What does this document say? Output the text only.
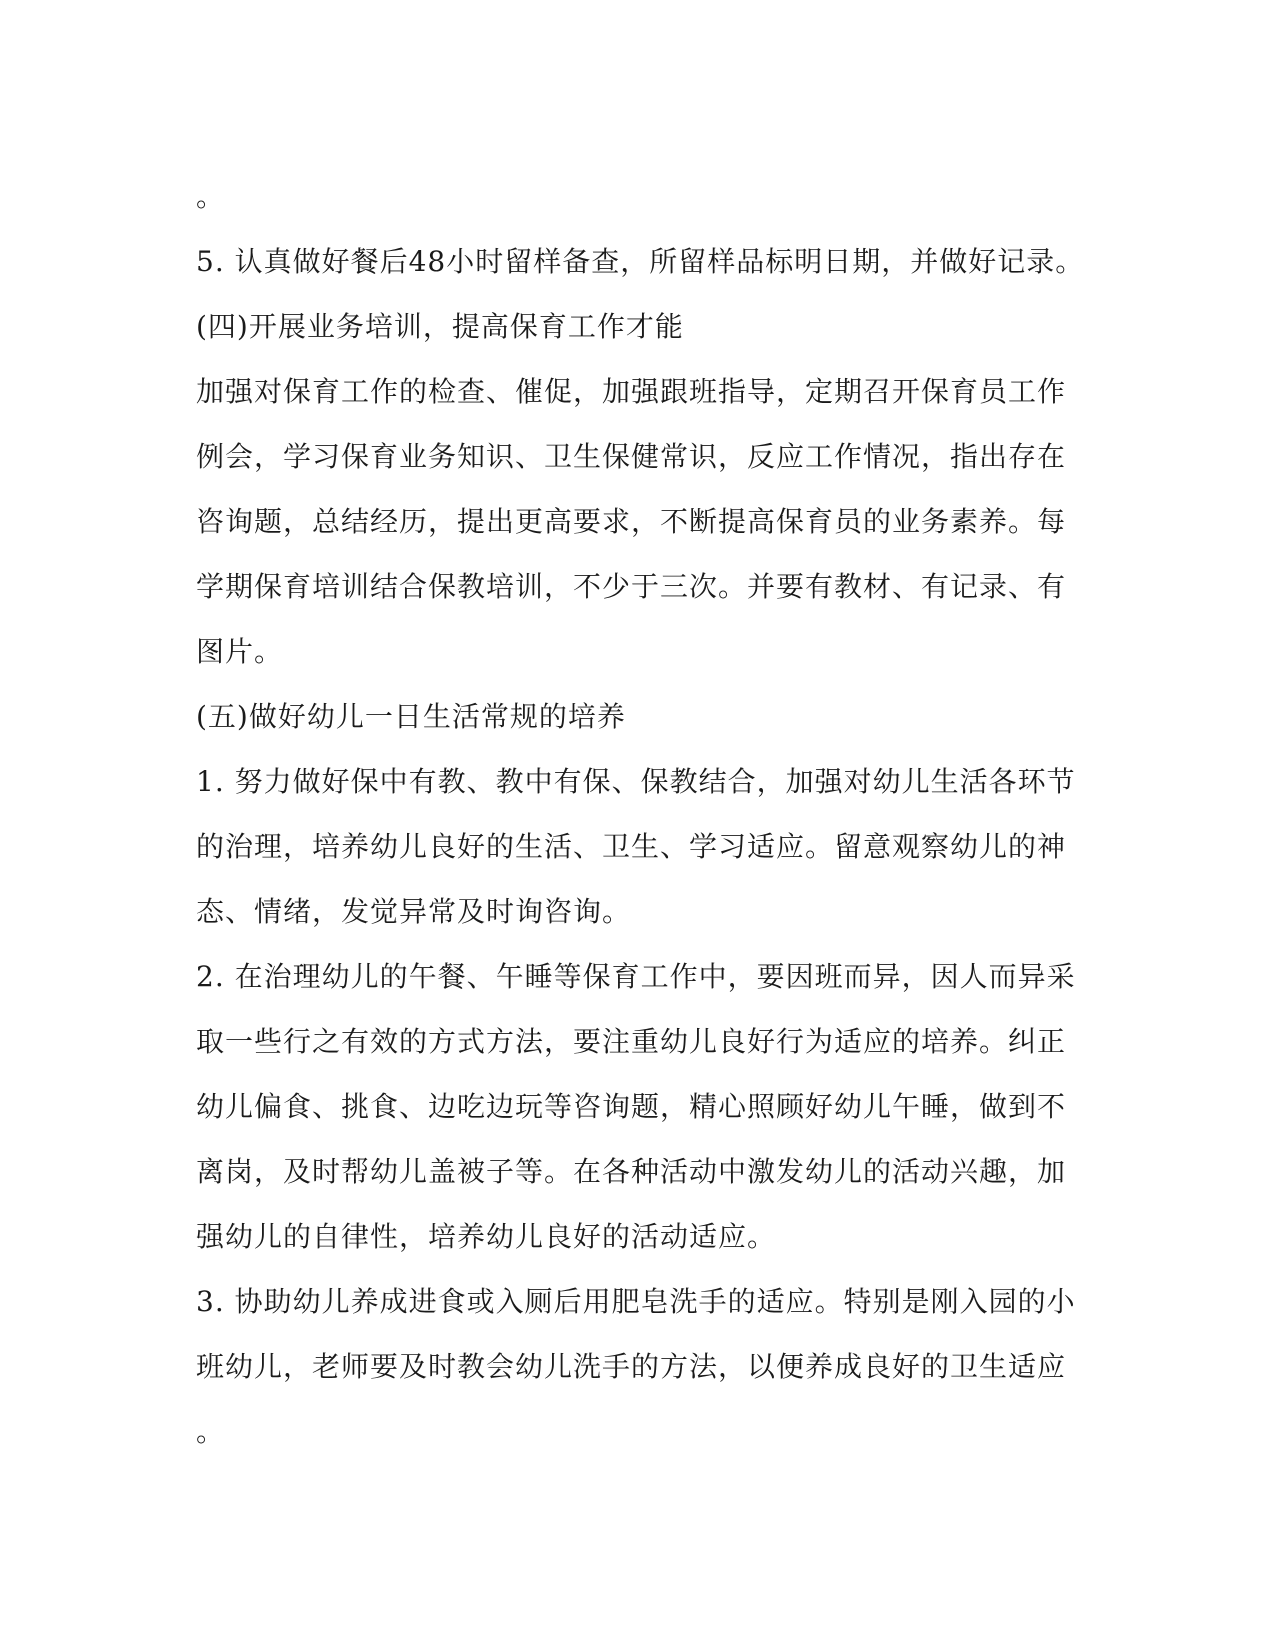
。
5. 认真做好餐后48小时留样备查，所留样品标明日期，并做好记录。
(四)开展业务培训，提高保育工作才能
加强对保育工作的检查、催促，加强跟班指导，定期召开保育员工作
例会，学习保育业务知识、卫生保健常识，反应工作情况，指出存在
咨询题，总结经历，提出更高要求，不断提高保育员的业务素养。每
学期保育培训结合保教培训，不少于三次。并要有教材、有记录、有
图片。
(五)做好幼儿一日生活常规的培养
1. 努力做好保中有教、教中有保、保教结合，加强对幼儿生活各环节
的治理，培养幼儿良好的生活、卫生、学习适应。留意观察幼儿的神
态、情绪，发觉异常及时询咨询。
2. 在治理幼儿的午餐、午睡等保育工作中，要因班而异，因人而异采
取一些行之有效的方式方法，要注重幼儿良好行为适应的培养。纠正
幼儿偏食、挑食、边吃边玩等咨询题，精心照顾好幼儿午睡，做到不
离岗，及时帮幼儿盖被子等。在各种活动中激发幼儿的活动兴趣，加
强幼儿的自律性，培养幼儿良好的活动适应。
3. 协助幼儿养成进食或入厕后用肥皂洗手的适应。特别是刚入园的小
班幼儿，老师要及时教会幼儿洗手的方法，以便养成良好的卫生适应
。
